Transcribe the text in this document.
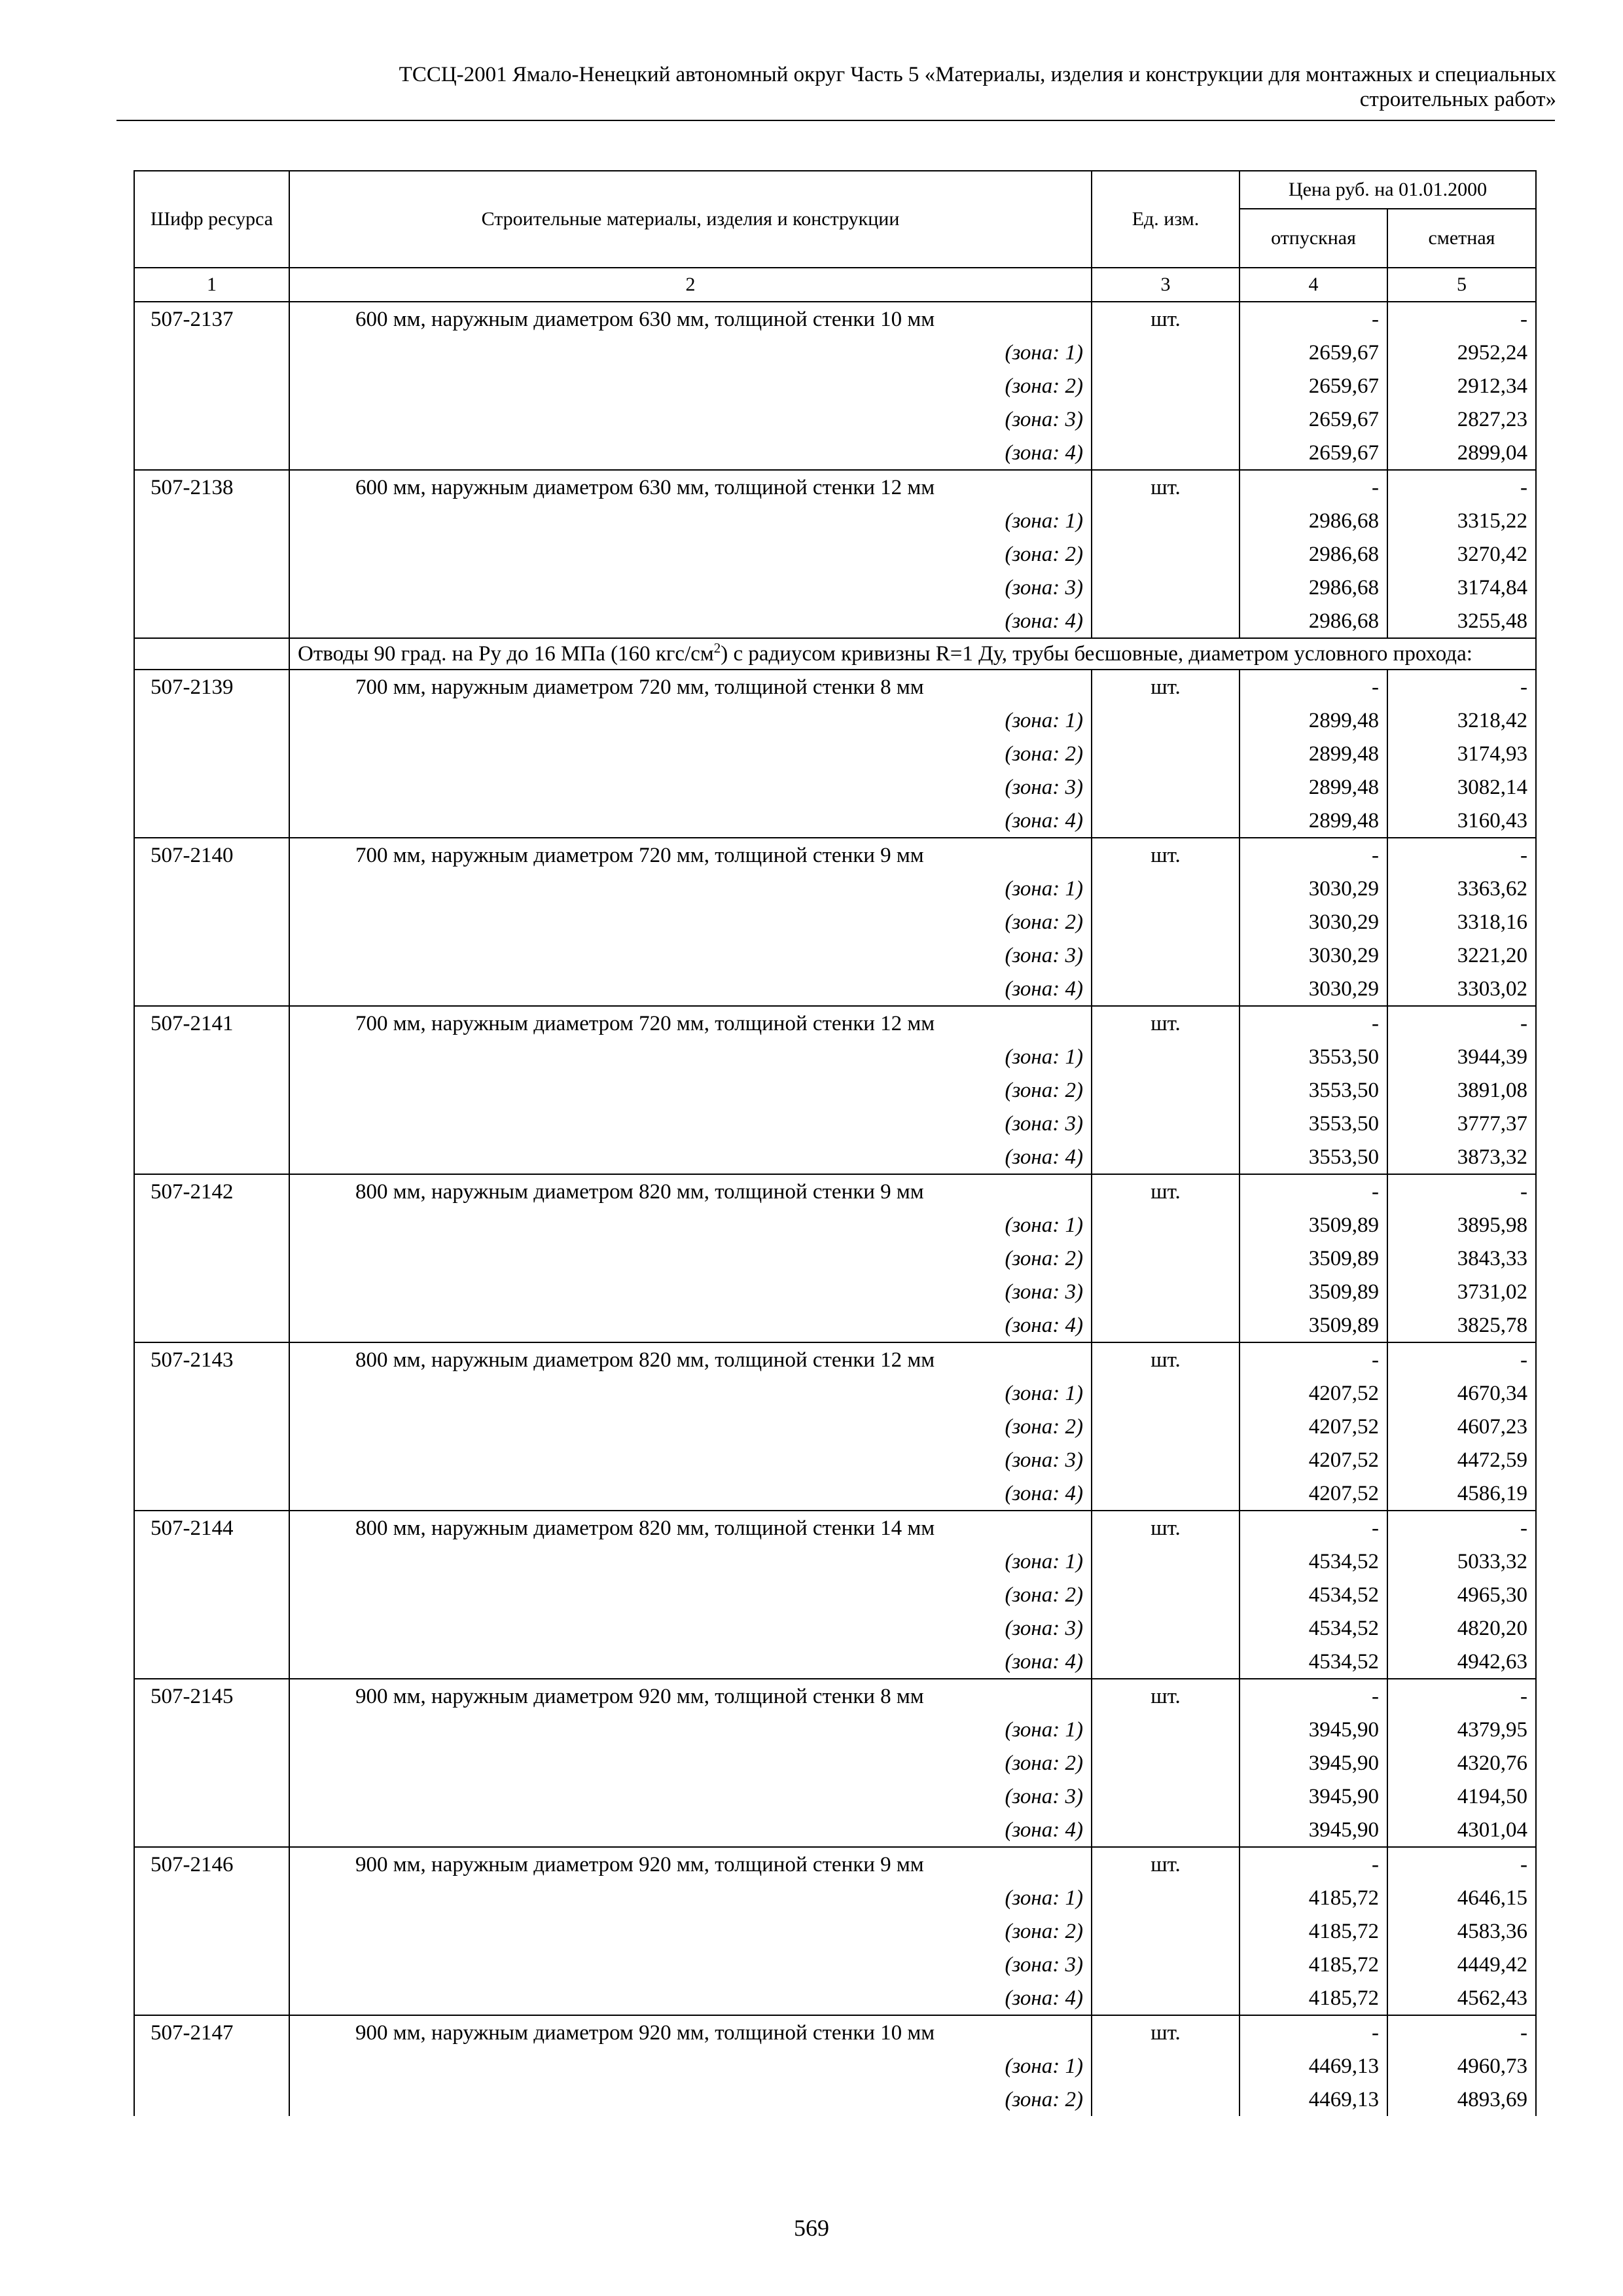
ТССЦ-2001 Ямало-Ненецкий автономный округ Часть 5 «Материалы, изделия и конструкции для монтажных и специальных
строительных работ»
Шифр ресурса	Строительные материалы, изделия и конструкции	Ед. изм.	Цена руб. на 01.01.2000	
			отпускная	сметная
1	2	3	4	5
507-2137	600 мм, наружным диаметром 630 мм, толщиной стенки 10 мм	шт.	-	-
	(зона: 1)		2659,67	2952,24
	(зона: 2)		2659,67	2912,34
	(зона: 3)		2659,67	2827,23
	(зона: 4)		2659,67	2899,04
507-2138	600 мм, наружным диаметром 630 мм, толщиной стенки 12 мм	шт.	-	-
	(зона: 1)		2986,68	3315,22
	(зона: 2)		2986,68	3270,42
	(зона: 3)		2986,68	3174,84
	(зона: 4)		2986,68	3255,48
	Отводы 90 град. на Ру до 16 МПа (160 кгс/$см^2$) с радиусом кривизны R=1 Ду, трубы бесшовные, диаметром условного прохода:			
507-2139	700 мм, наружным диаметром 720 мм, толщиной стенки 8 мм	шт.	-	-
	(зона: 1)		2899,48	3218,42
	(зона: 2)		2899,48	3174,93
	(зона: 3)		2899,48	3082,14
	(зона: 4)		2899,48	3160,43
507-2140	700 мм, наружным диаметром 720 мм, толщиной стенки 9 мм	шт.	-	-
	(зона: 1)		3030,29	3363,62
	(зона: 2)		3030,29	3318,16
	(зона: 3)		3030,29	3221,20
	(зона: 4)		3030,29	3303,02
507-2141	700 мм, наружным диаметром 720 мм, толщиной стенки 12 мм	шт.	-	-
	(зона: 1)		3553,50	3944,39
	(зона: 2)		3553,50	3891,08
	(зона: 3)		3553,50	3777,37
	(зона: 4)		3553,50	3873,32
507-2142	800 мм, наружным диаметром 820 мм, толщиной стенки 9 мм	шт.	-	-
	(зона: 1)		3509,89	3895,98
	(зона: 2)		3509,89	3843,33
	(зона: 3)		3509,89	3731,02
	(зона: 4)		3509,89	3825,78
507-2143	800 мм, наружным диаметром 820 мм, толщиной стенки 12 мм	шт.	-	-
	(зона: 1)		4207,52	4670,34
	(зона: 2)		4207,52	4607,23
	(зона: 3)		4207,52	4472,59
	(зона: 4)		4207,52	4586,19
507-2144	800 мм, наружным диаметром 820 мм, толщиной стенки 14 мм	шт.	-	-
	(зона: 1)		4534,52	5033,32
	(зона: 2)		4534,52	4965,30
	(зона: 3)		4534,52	4820,20
	(зона: 4)		4534,52	4942,63
507-2145	900 мм, наружным диаметром 920 мм, толщиной стенки 8 мм	шт.	-	-
	(зона: 1)		3945,90	4379,95
	(зона: 2)		3945,90	4320,76
	(зона: 3)		3945,90	4194,50
	(зона: 4)		3945,90	4301,04
507-2146	900 мм, наружным диаметром 920 мм, толщиной стенки 9 мм	шт.	-	-
	(зона: 1)		4185,72	4646,15
	(зона: 2)		4185,72	4583,36
	(зона: 3)		4185,72	4449,42
	(зона: 4)		4185,72	4562,43
507-2147	900 мм, наружным диаметром 920 мм, толщиной стенки 10 мм	шт.	-	-
	(зона: 1)		4469,13	4960,73
	(зона: 2)		4469,13	4893,69
569
